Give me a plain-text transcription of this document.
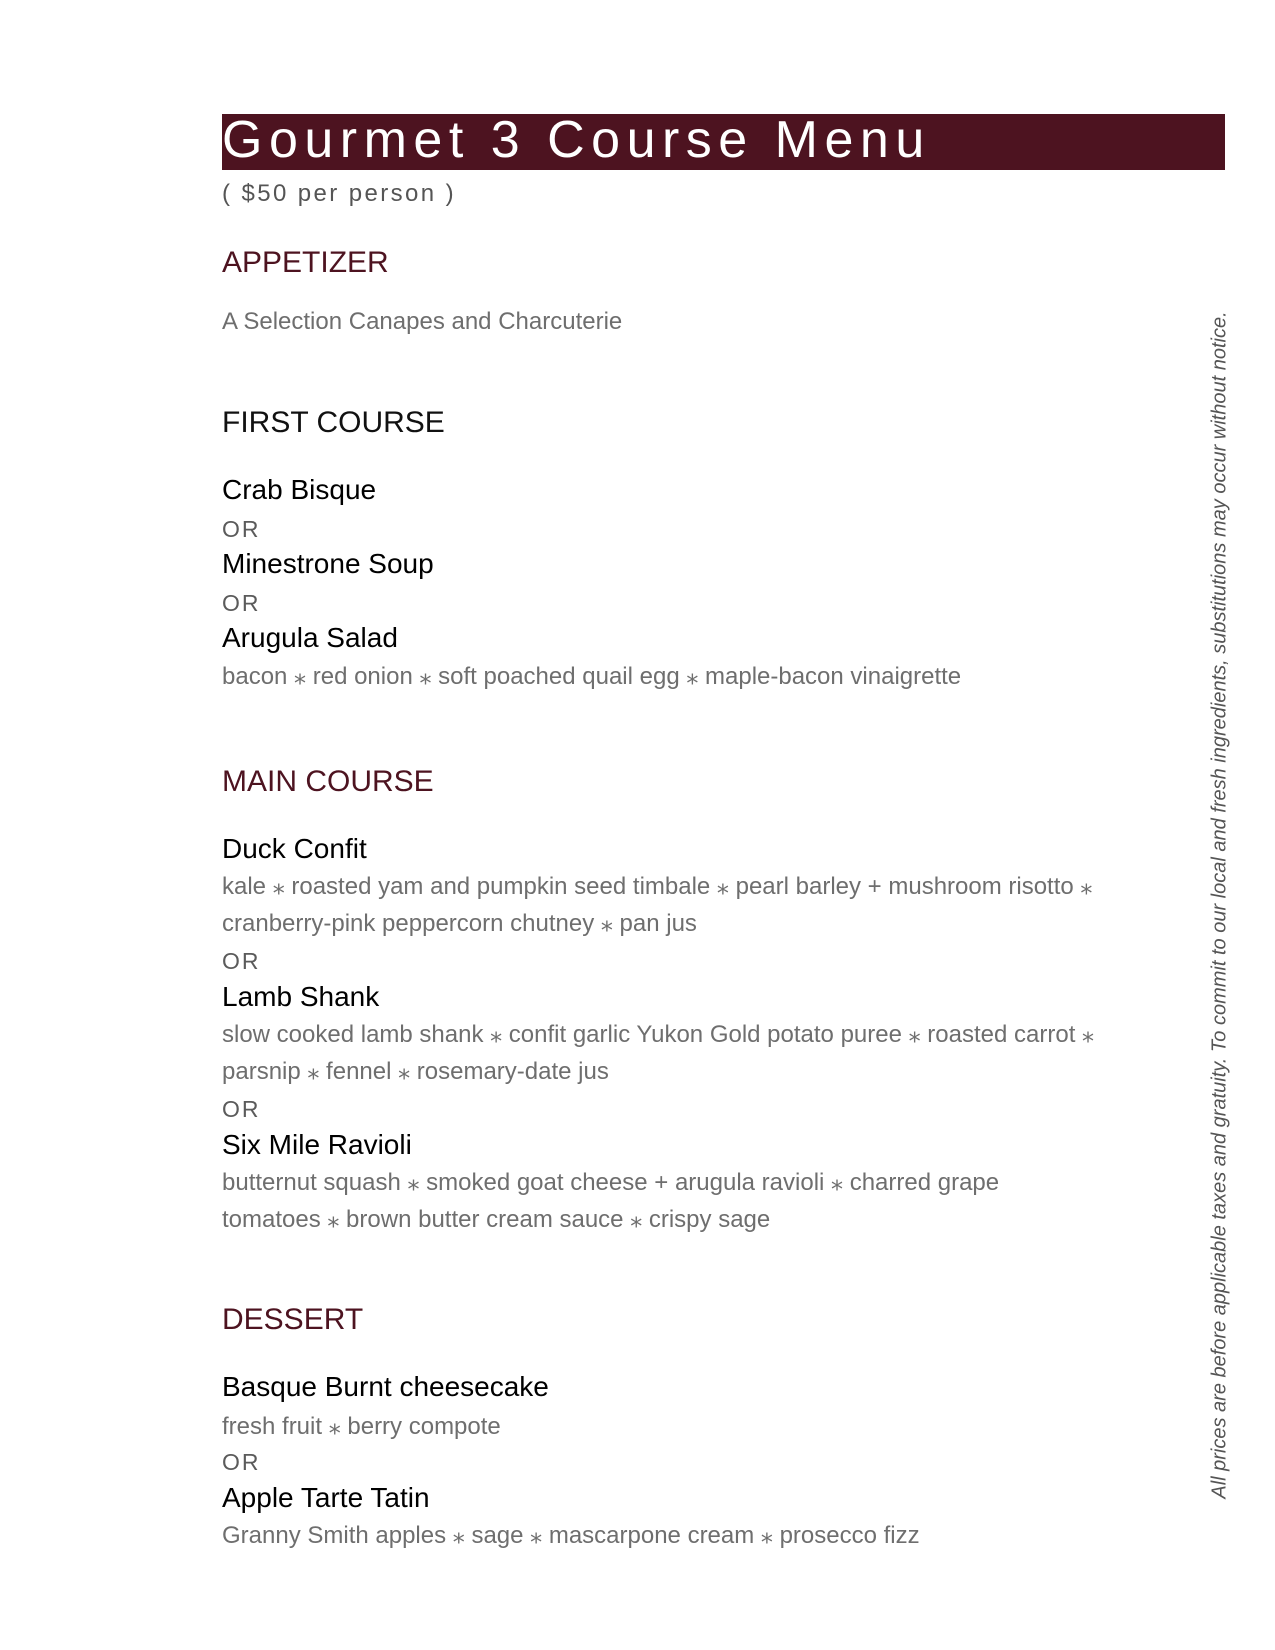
Gourmet 3 Course Menu
( $50 per person )
APPETIZER
A Selection Canapes and Charcuterie
FIRST COURSE
Crab Bisque
OR
Minestrone Soup
OR
Arugula Salad
bacon ⁎ red onion ⁎ soft poached quail egg ⁎ maple-bacon vinaigrette
MAIN COURSE
Duck Confit
kale ⁎ roasted yam and pumpkin seed timbale ⁎ pearl barley + mushroom risotto ⁎
cranberry-pink peppercorn chutney ⁎ pan jus
OR
Lamb Shank
slow cooked lamb shank ⁎ confit garlic Yukon Gold potato puree ⁎ roasted carrot ⁎
parsnip ⁎ fennel ⁎ rosemary-date jus
OR
Six Mile Ravioli
butternut squash ⁎ smoked goat cheese + arugula ravioli ⁎ charred grape
tomatoes ⁎ brown butter cream sauce ⁎ crispy sage
DESSERT
Basque Burnt cheesecake
fresh fruit ⁎ berry compote
OR
Apple Tarte Tatin
Granny Smith apples ⁎ sage ⁎ mascarpone cream ⁎ prosecco fizz
All prices are before applicable taxes and gratuity. To commit to our local and fresh ingredients, substitutions may occur without notice.
